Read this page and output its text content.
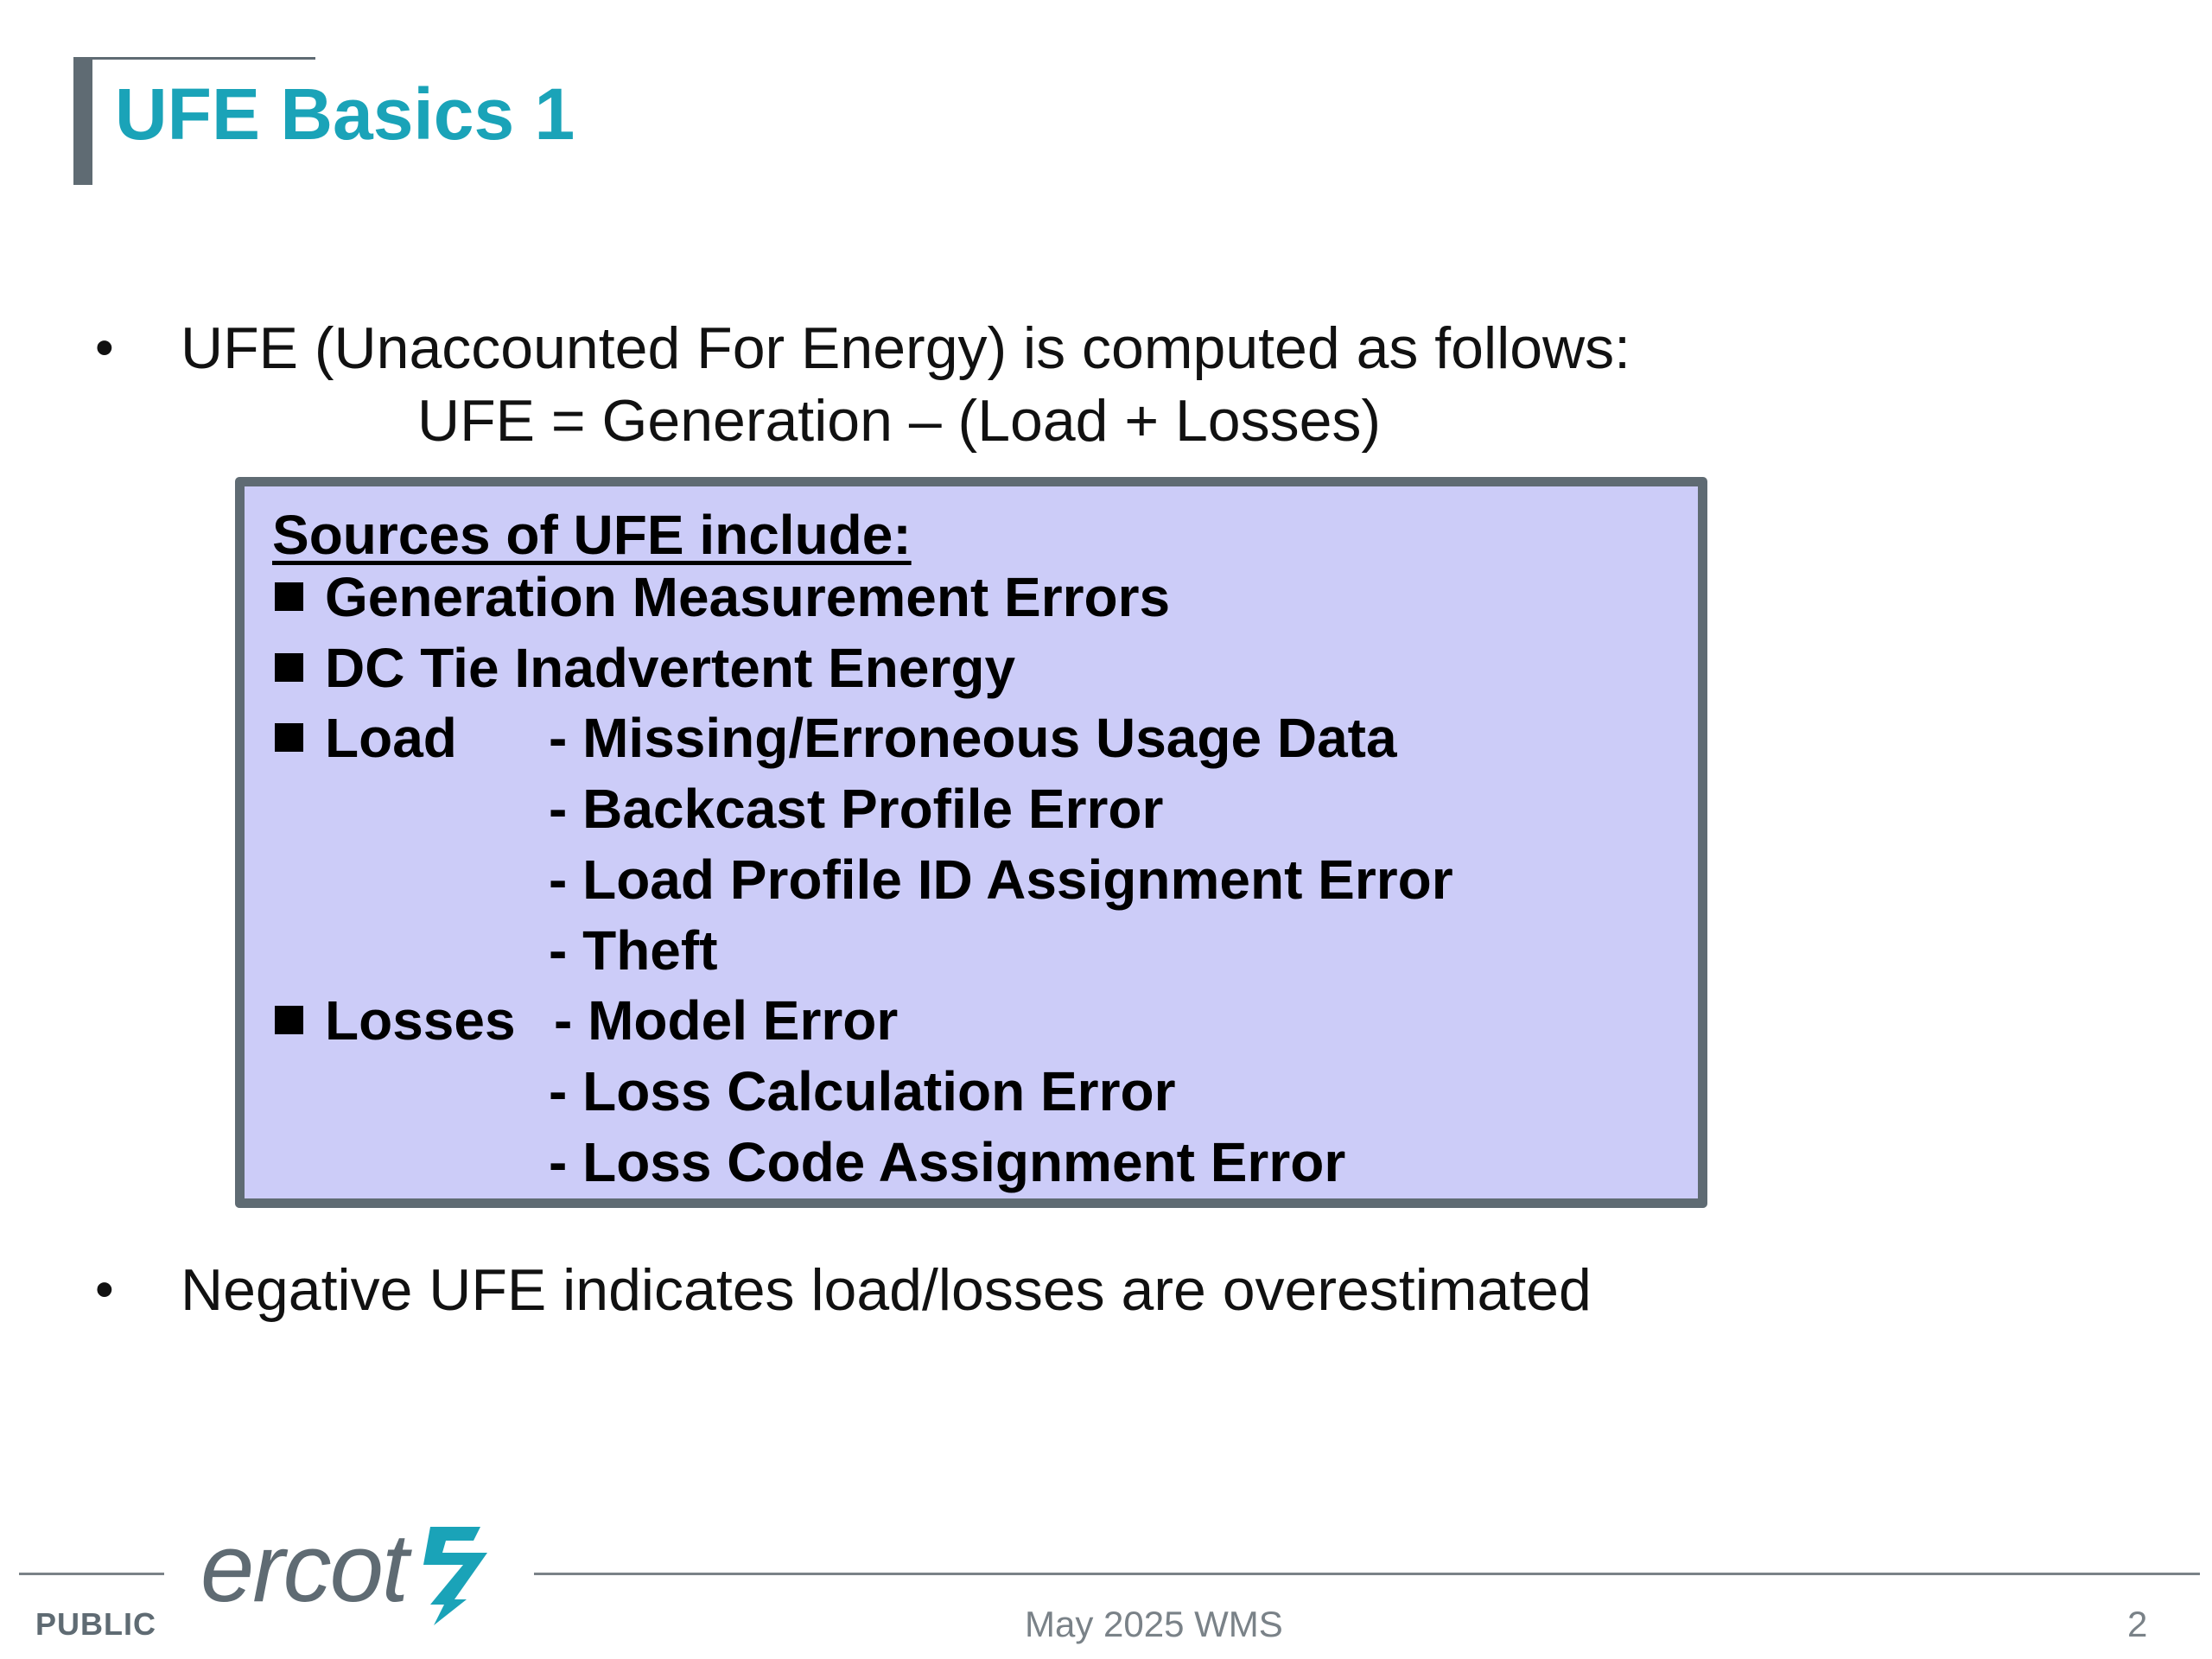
UFE Basics 1
• UFE (Unaccounted For Energy) is computed as follows:
UFE = Generation – (Load + Losses)
Sources of UFE include:
Generation Measurement Errors
DC Tie Inadvertent Energy
Load - Missing/Erroneous Usage Data
- Backcast Profile Error
- Load Profile ID Assignment Error
- Theft
Losses - Model Error
- Loss Calculation Error
- Loss Code Assignment Error
• Negative UFE indicates load/losses are overestimated
ercot
PUBLIC	May 2025 WMS	2
